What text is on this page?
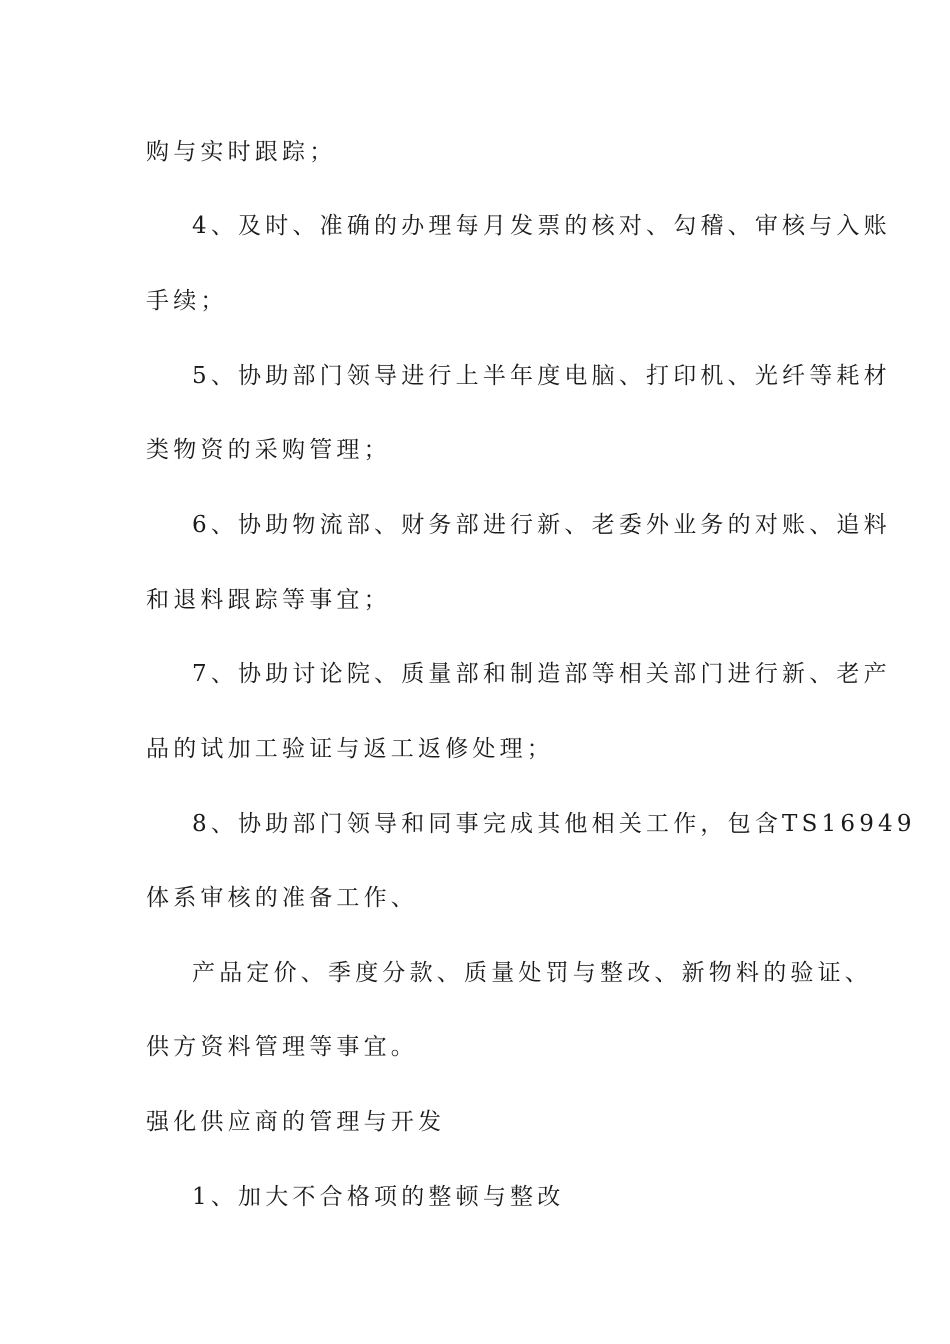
购与实时跟踪；

4、及时、准确的办理每月发票的核对、勾稽、审核与入账

手续；

5、协助部门领导进行上半年度电脑、打印机、光纤等耗材

类物资的采购管理；

6、协助物流部、财务部进行新、老委外业务的对账、追料

和退料跟踪等事宜；

7、协助讨论院、质量部和制造部等相关部门进行新、老产

品的试加工验证与返工返修处理；

8、协助部门领导和同事完成其他相关工作，包含TS16949

体系审核的准备工作、

产品定价、季度分款、质量处罚与整改、新物料的验证、

供方资料管理等事宜。

强化供应商的管理与开发

1、加大不合格项的整顿与整改
